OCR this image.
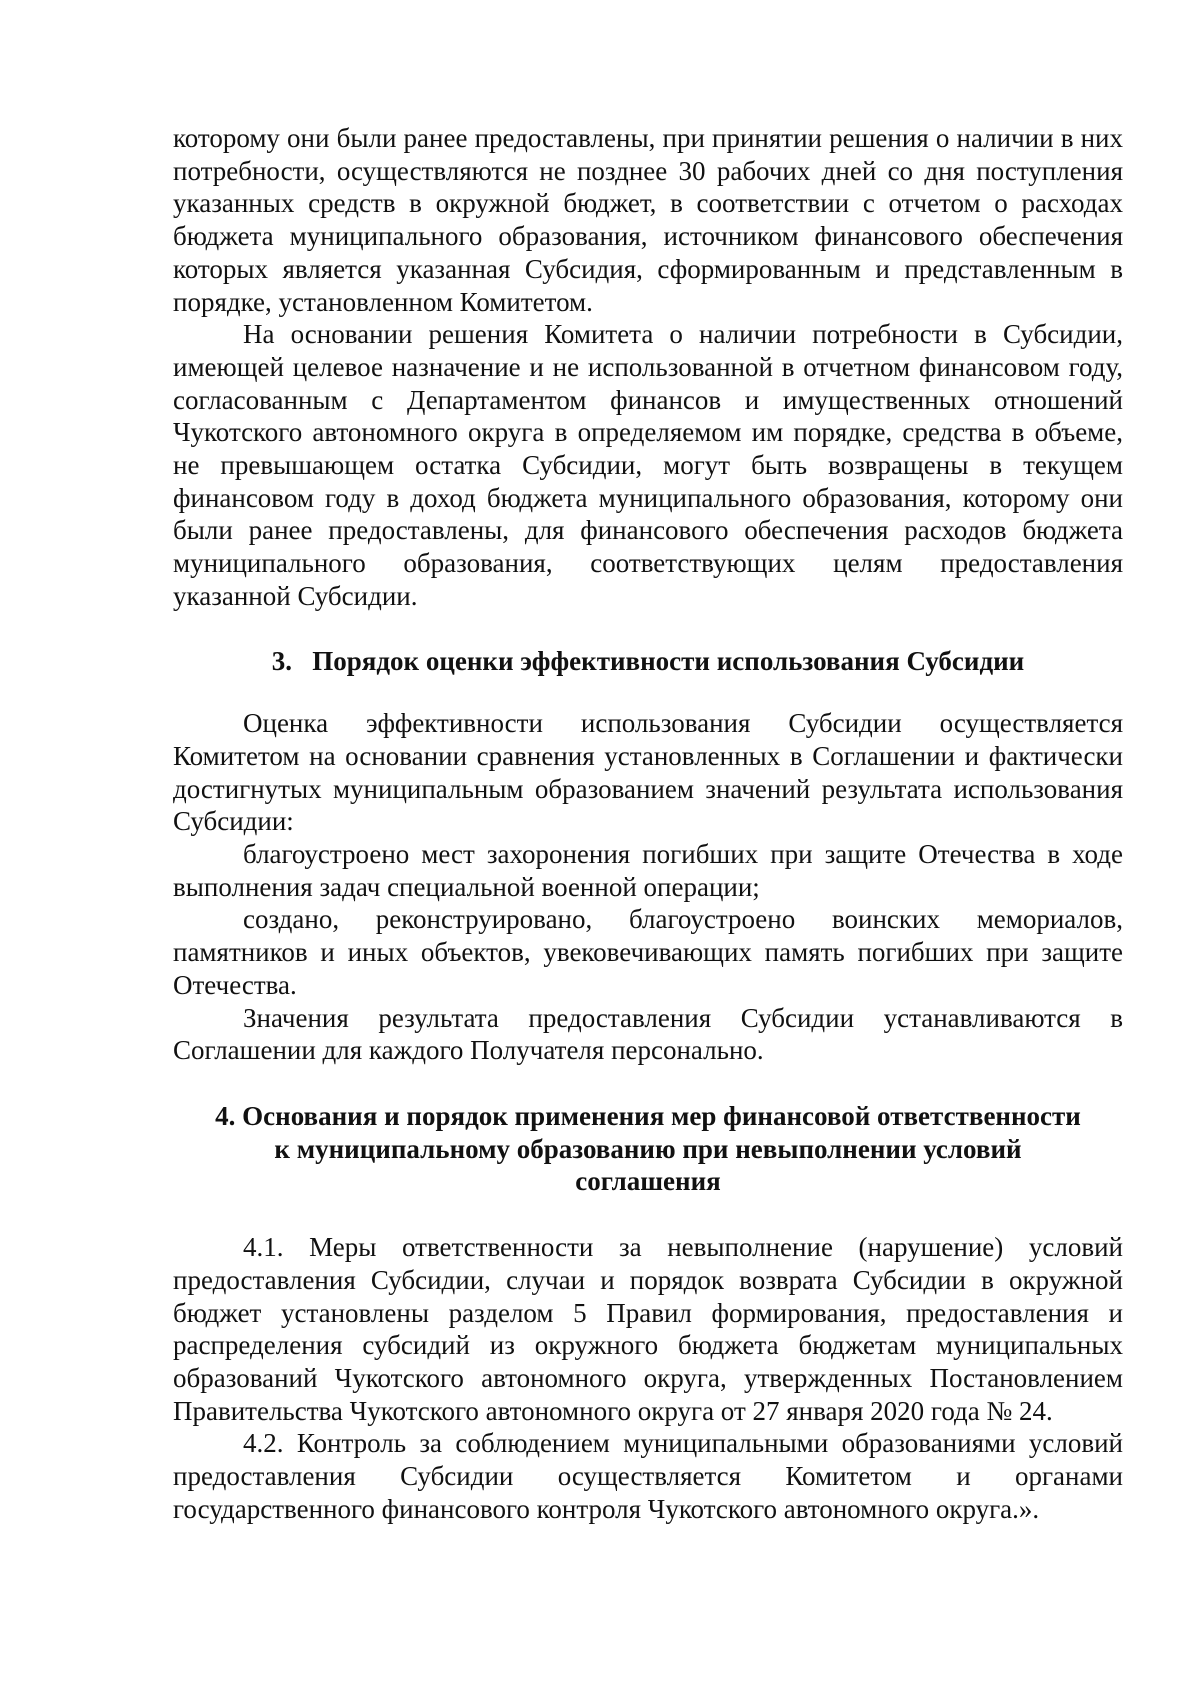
которому они были ранее предоставлены, при принятии решения о наличии в них потребности, осуществляются не позднее 30 рабочих дней со дня поступления указанных средств в окружной бюджет, в соответствии с отчетом о расходах бюджета муниципального образования, источником финансового обеспечения которых является указанная Субсидия, сформированным и представленным в порядке, установленном Комитетом.

На основании решения Комитета о наличии потребности в Субсидии, имеющей целевое назначение и не использованной в отчетном финансовом году, согласованным с Департаментом финансов и имущественных отношений Чукотского автономного округа в определяемом им порядке, средства в объеме, не превышающем остатка Субсидии, могут быть возвращены в текущем финансовом году в доход бюджета муниципального образования, которому они были ранее предоставлены, для финансового обеспечения расходов бюджета муниципального образования, соответствующих целям предоставления указанной Субсидии.

3.   Порядок оценки эффективности использования Субсидии

Оценка эффективности использования Субсидии осуществляется Комитетом на основании сравнения установленных в Соглашении и фактически достигнутых муниципальным образованием значений результата использования Субсидии:

благоустроено мест захоронения погибших при защите Отечества в ходе выполнения задач специальной военной операции;

создано, реконструировано, благоустроено воинских мемориалов, памятников и иных объектов, увековечивающих память погибших при защите Отечества.

Значения результата предоставления Субсидии устанавливаются в Соглашении для каждого Получателя персонально.

4. Основания и порядок применения мер финансовой ответственности

к муниципальному образованию при невыполнении условий

соглашения

4.1. Меры ответственности за невыполнение (нарушение) условий предоставления Субсидии, случаи и порядок возврата Субсидии в окружной бюджет установлены разделом 5 Правил формирования, предоставления и распределения субсидий из окружного бюджета бюджетам муниципальных образований Чукотского автономного округа, утвержденных Постановлением Правительства Чукотского автономного округа от 27 января 2020 года № 24.

4.2. Контроль за соблюдением муниципальными образованиями условий предоставления Субсидии осуществляется Комитетом и органами государственного финансового контроля Чукотского автономного округа.».
